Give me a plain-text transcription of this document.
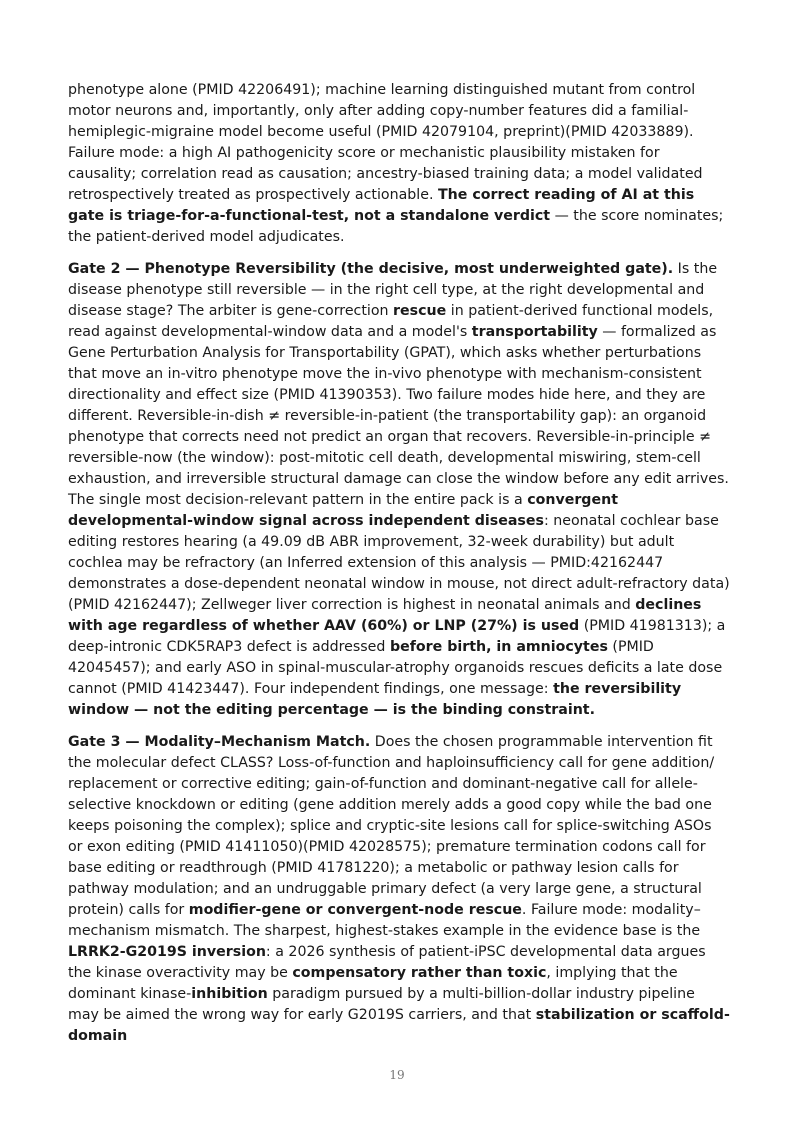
phenotype alone (PMID 42206491); machine learning distinguished mutant from control motor neurons and, importantly, only after adding copy-number features did a familial-hemiplegic-migraine model become useful (PMID 42079104, preprint)(PMID 42033889). Failure mode: a high AI pathogenicity score or mechanistic plausibility mistaken for causality; correlation read as causation; ancestry-biased training data; a model validated retrospectively treated as prospectively actionable. The correct reading of AI at this gate is triage-for-a-functional-test, not a standalone verdict — the score nominates; the patient-derived model adjudicates.

Gate 2 — Phenotype Reversibility (the decisive, most underweighted gate). Is the disease phenotype still reversible — in the right cell type, at the right developmental and disease stage? The arbiter is gene-correction rescue in patient-derived functional models, read against developmental-window data and a model's transportability — formalized as Gene Perturbation Analysis for Transportability (GPAT), which asks whether perturbations that move an in-vitro phenotype move the in-vivo phenotype with mechanism-consistent directionality and effect size (PMID 41390353). Two failure modes hide here, and they are different. Reversible-in-dish ≠ reversible-in-patient (the transportability gap): an organoid phenotype that corrects need not predict an organ that recovers. Reversible-in-principle ≠ reversible-now (the window): post-mitotic cell death, developmental miswiring, stem-cell exhaustion, and irreversible structural damage can close the window before any edit arrives. The single most decision-relevant pattern in the entire pack is a convergent developmental-window signal across independent diseases: neonatal cochlear base editing restores hearing (a 49.09 dB ABR improvement, 32-week durability) but adult cochlea may be refractory (an Inferred extension of this analysis — PMID:42162447 demonstrates a dose-dependent neonatal window in mouse, not direct adult-refractory data) (PMID 42162447); Zellweger liver correction is highest in neonatal animals and declines with age regardless of whether AAV (60%) or LNP (27%) is used (PMID 41981313); a deep-intronic CDK5RAP3 defect is addressed before birth, in amniocytes (PMID 42045457); and early ASO in spinal-muscular-atrophy organoids rescues deficits a late dose cannot (PMID 41423447). Four independent findings, one message: the reversibility window — not the editing percentage — is the binding constraint.

Gate 3 — Modality–Mechanism Match. Does the chosen programmable intervention fit the molecular defect CLASS? Loss-of-function and haploinsufficiency call for gene addition/ replacement or corrective editing; gain-of-function and dominant-negative call for allele-selective knockdown or editing (gene addition merely adds a good copy while the bad one keeps poisoning the complex); splice and cryptic-site lesions call for splice-switching ASOs or exon editing (PMID 41411050)(PMID 42028575); premature termination codons call for base editing or readthrough (PMID 41781220); a metabolic or pathway lesion calls for pathway modulation; and an undruggable primary defect (a very large gene, a structural protein) calls for modifier-gene or convergent-node rescue. Failure mode: modality–mechanism mismatch. The sharpest, highest-stakes example in the evidence base is the LRRK2-G2019S inversion: a 2026 synthesis of patient-iPSC developmental data argues the kinase overactivity may be compensatory rather than toxic, implying that the dominant kinase-inhibition paradigm pursued by a multi-billion-dollar industry pipeline may be aimed the wrong way for early G2019S carriers, and that stabilization or scaffold-domain

19
